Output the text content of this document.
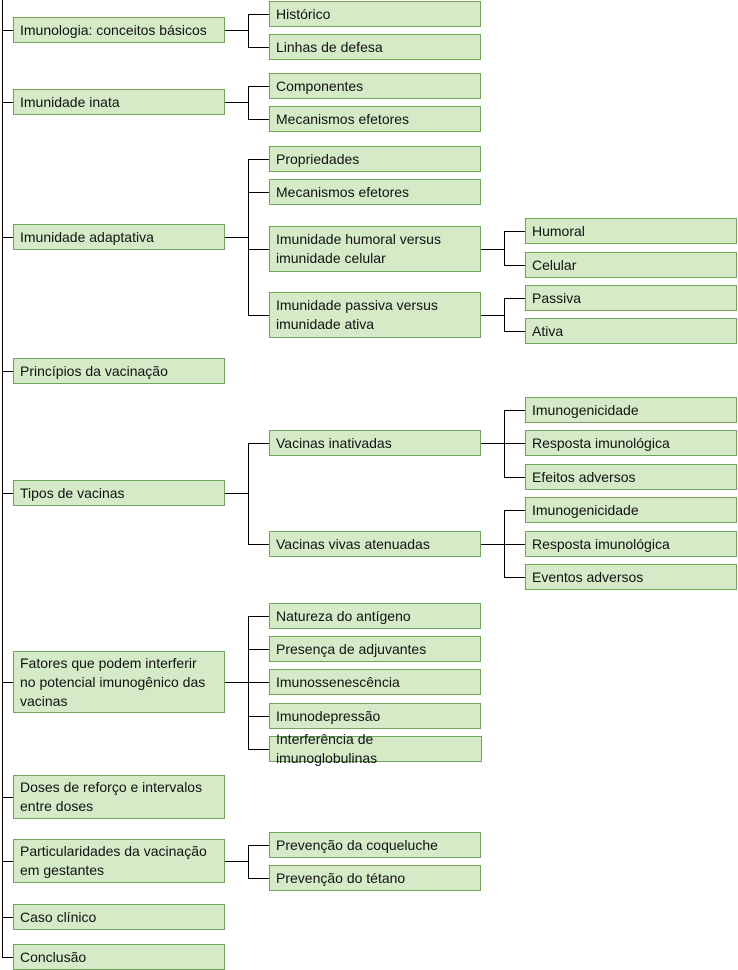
Imunologia: conceitos básicos
Histórico
Linhas de defesa
Imunidade inata
Componentes
Mecanismos efetores
Imunidade adaptativa
Propriedades
Mecanismos efetores
Imunidade humoral versus
imunidade celular
Humoral
Celular
Imunidade passiva versus
imunidade ativa
Passiva
Ativa
Princípios da vacinação
Tipos de vacinas
Vacinas inativadas
Imunogenicidade
Resposta imunológica
Efeitos adversos
Vacinas vivas atenuadas
Imunogenicidade
Resposta imunológica
Eventos adversos
Fatores que podem interferir
no potencial imunogênico das
vacinas
Natureza do antígeno
Presença de adjuvantes
Imunossenescência
Imunodepressão
Interferência de imunoglobulinas
Doses de reforço e intervalos
entre doses
Particularidades da vacinação
em gestantes
Prevenção da coqueluche
Prevenção do tétano
Caso clínico
Conclusão
